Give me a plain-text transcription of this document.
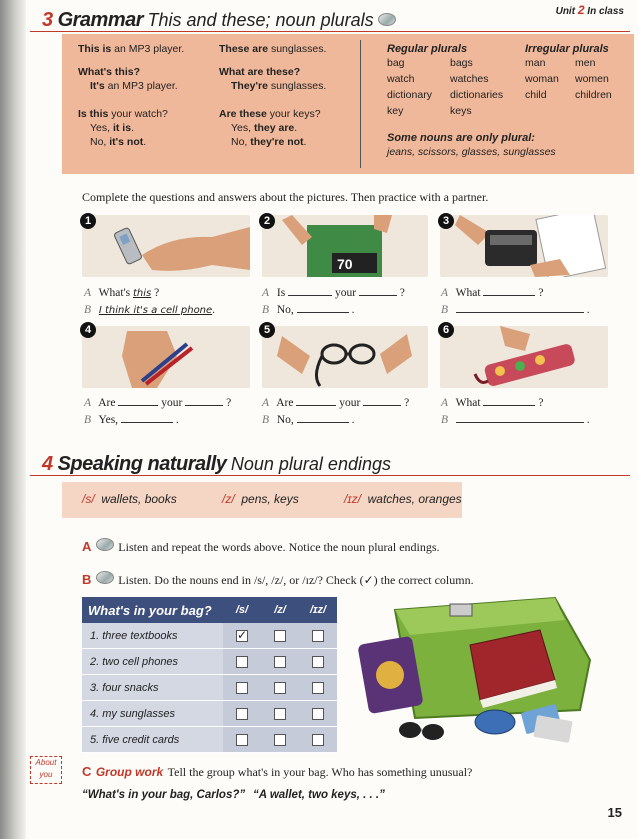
Unit 2 In class
3 Grammar This and these; noun plurals
This is an MP3 player.
What's this?
It's an MP3 player.
Is this your watch?
Yes, it is.
No, it's not.
These are sunglasses.
What are these?
They're sunglasses.
Are these your keys?
Yes, they are.
No, they're not.
Regular plurals
bag	bags
watch	watches
dictionary	dictionaries
key	keys
Irregular plurals
man	men
woman	women
child	children
Some nouns are only plural:
jeans, scissors, glasses, sunglasses
Complete the questions and answers about the pictures. Then practice with a partner.
1
70
2	3
A What's this ?
B I think it's a cell phone.
A Is	your	?
B No,	.
A What	?
B	.
4	5	6
A Are	your	?
B Yes,	.
A Are	your	?
B No,	.
A What	?
B	.
4 Speaking naturally Noun plural endings
/s/ wallets, books	/z/ pens, keys	/ɪz/ watches, oranges
A Listen and repeat the words above. Notice the noun plural endings.
B Listen. Do the nouns end in /s/, /z/, or /ɪz/? Check (✓) the correct column.
What's in your bag?	/s/	/z/	/ɪz/
1. three textbooks	✓		
2. two cell phones			
3. four snacks			
4. my sunglasses			
5. five credit cards			
About
you	C Group work Tell the group what's in your bag. Who has something unusual?
“What's in your bag, Carlos?” “A wallet, two keys, . . .”
15
